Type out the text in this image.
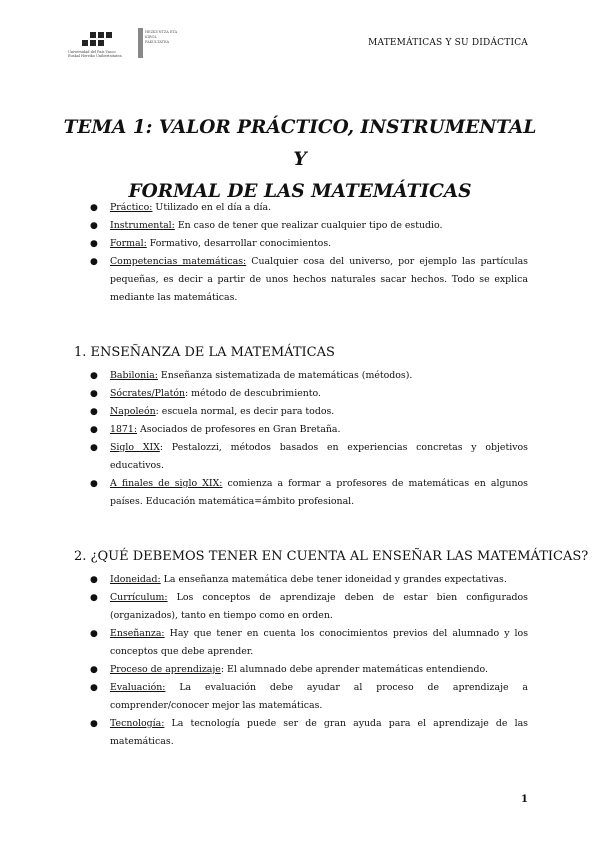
Universidad del País Vasco
Euskal Herriko Unibertsitatea
HEZKUNTZA ETA KIROL FAKULTATEA	MATEMÁTICAS Y SU DIDÁCTICA
TEMA 1: VALOR PRÁCTICO, INSTRUMENTAL Y
FORMAL DE LAS MATEMÁTICAS
● Práctico: Utilizado en el día a día.
● Instrumental: En caso de tener que realizar cualquier tipo de estudio.
● Formal: Formativo, desarrollar conocimientos.
● Competencias matemáticas: Cualquier cosa del universo, por ejemplo las partículas pequeñas, es decir a partir de unos hechos naturales sacar hechos. Todo se explica mediante las matemáticas.
1. ENSEÑANZA DE LA MATEMÁTICAS
● Babilonia: Enseñanza sistematizada de matemáticas (métodos).
● Sócrates/Platón: método de descubrimiento.
● Napoleón: escuela normal, es decir para todos.
● 1871: Asociados de profesores en Gran Bretaña.
● Siglo XIX: Pestalozzi, métodos basados en experiencias concretas y objetivos educativos.
● A finales de siglo XIX: comienza a formar a profesores de matemáticas en algunos países. Educación matemática=ámbito profesional.
2. ¿QUÉ DEBEMOS TENER EN CUENTA AL ENSEÑAR LAS MATEMÁTICAS?
● Idoneidad: La enseñanza matemática debe tener idoneidad y grandes expectativas.
● Currículum: Los conceptos de aprendizaje deben de estar bien configurados (organizados), tanto en tiempo como en orden.
● Enseñanza: Hay que tener en cuenta los conocimientos previos del alumnado y los conceptos que debe aprender.
● Proceso de aprendizaje: El alumnado debe aprender matemáticas entendiendo.
● Evaluación: La evaluación debe ayudar al proceso de aprendizaje a comprender/conocer mejor las matemáticas.
● Tecnología: La tecnología puede ser de gran ayuda para el aprendizaje de las matemáticas.
1
